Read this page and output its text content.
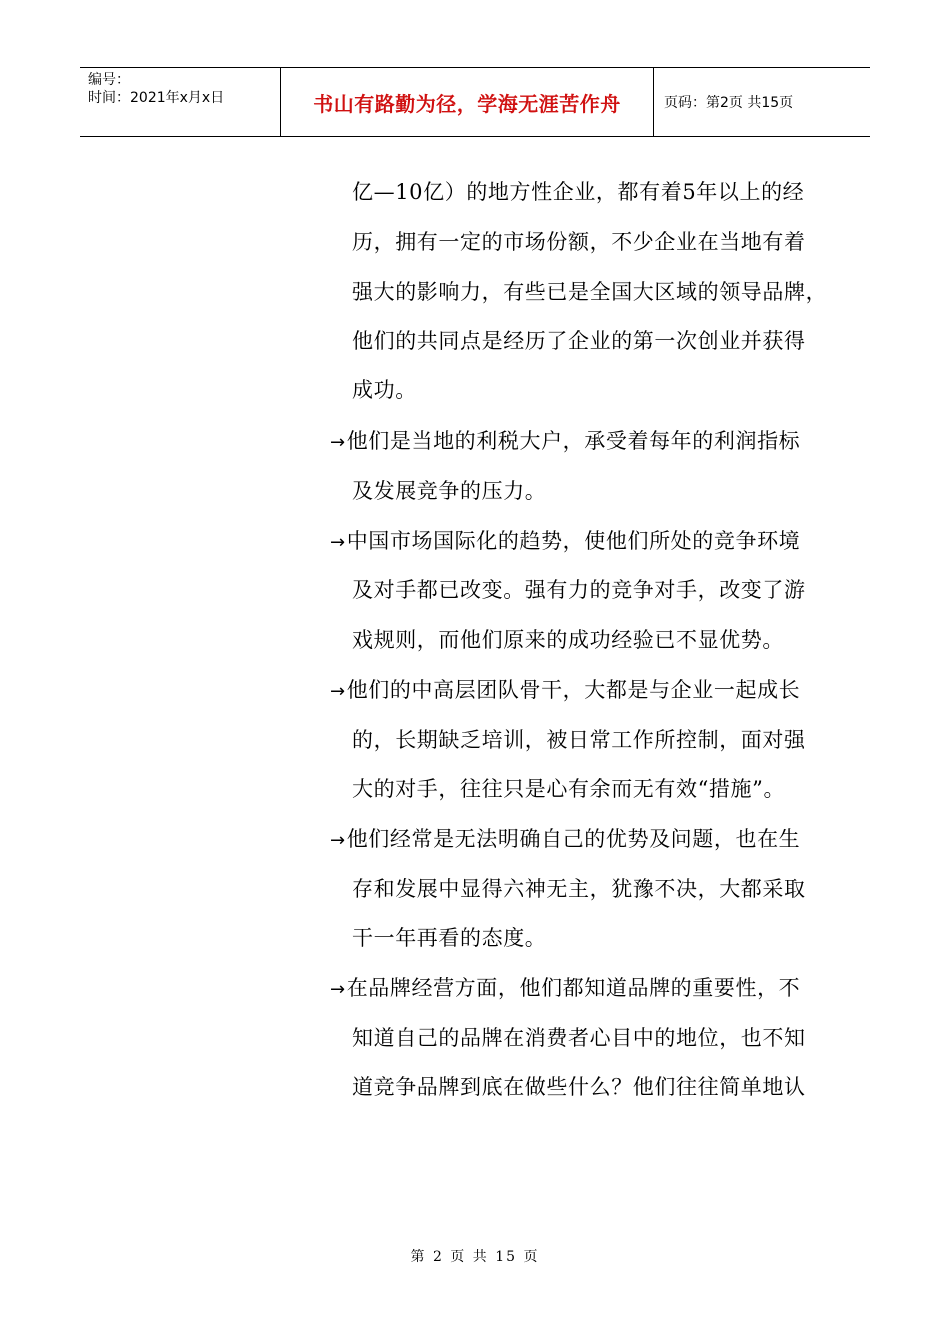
编号：
时间：2021年x月x日	书山有路勤为径，学海无涯苦作舟	页码：第2页 共15页
亿—10亿）的地方性企业，都有着5年以上的经
历，拥有一定的市场份额，不少企业在当地有着
强大的影响力，有些已是全国大区域的领导品牌，
他们的共同点是经历了企业的第一次创业并获得
成功。
→他们是当地的利税大户，承受着每年的利润指标
及发展竞争的压力。
→中国市场国际化的趋势，使他们所处的竞争环境
及对手都已改变。强有力的竞争对手，改变了游
戏规则，而他们原来的成功经验已不显优势。
→他们的中高层团队骨干，大都是与企业一起成长
的，长期缺乏培训，被日常工作所控制，面对强
大的对手，往往只是心有余而无有效“措施”。
→他们经常是无法明确自己的优势及问题，也在生
存和发展中显得六神无主，犹豫不决，大都采取
干一年再看的态度。
→在品牌经营方面，他们都知道品牌的重要性，不
知道自己的品牌在消费者心目中的地位，也不知
道竞争品牌到底在做些什么？他们往往简单地认
第 2 页 共 15 页
